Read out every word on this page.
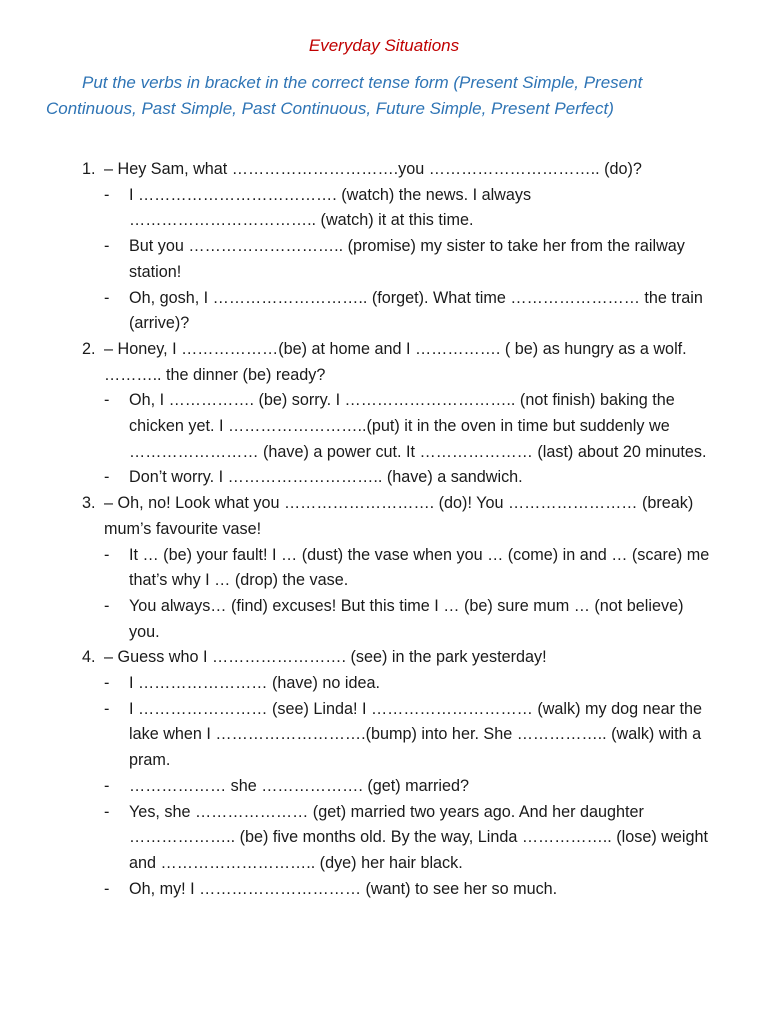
Everyday Situations
Put the verbs in bracket in the correct tense form (Present Simple, Present Continuous, Past Simple, Past Continuous, Future Simple, Present Perfect)
1. – Hey Sam, what ………………………….you ………………………….. (do)?
- I ………………………………. (watch) the news. I always …………………………….. (watch) it at this time.
- But you ……………………….. (promise) my sister to take her from the railway station!
- Oh, gosh, I ……………………….. (forget). What time …………………… the train (arrive)?
2. – Honey, I ………………(be) at home and I ……………. ( be) as hungry as a wolf. ……….. the dinner (be) ready?
- Oh, I ……………. (be) sorry. I ………………………….. (not finish) baking the chicken yet. I ……………………..(put) it in the oven in time but suddenly we …………………… (have) a power cut. It ………………… (last) about 20 minutes.
- Don’t worry. I ……………………….. (have) a sandwich.
3. – Oh, no! Look what you ………………………. (do)! You …………………… (break) mum’s favourite vase!
- It … (be) your fault! I … (dust) the vase when you … (come) in and … (scare) me that’s why I … (drop) the vase.
- You always… (find) excuses! But this time I … (be) sure mum … (not believe) you.
4. – Guess who I ……………………. (see) in the park yesterday!
- I …………………… (have) no idea.
- I …………………… (see) Linda! I ………………………… (walk) my dog near the lake when I ……………………….(bump) into her. She …………….. (walk) with a pram.
- ……………… she ………………. (get) married?
- Yes, she ………………… (get) married two years ago. And her daughter ……………….. (be) five months old. By the way, Linda …………….. (lose) weight and ……………………….. (dye) her hair black.
- Oh, my! I ………………………… (want) to see her so much.
